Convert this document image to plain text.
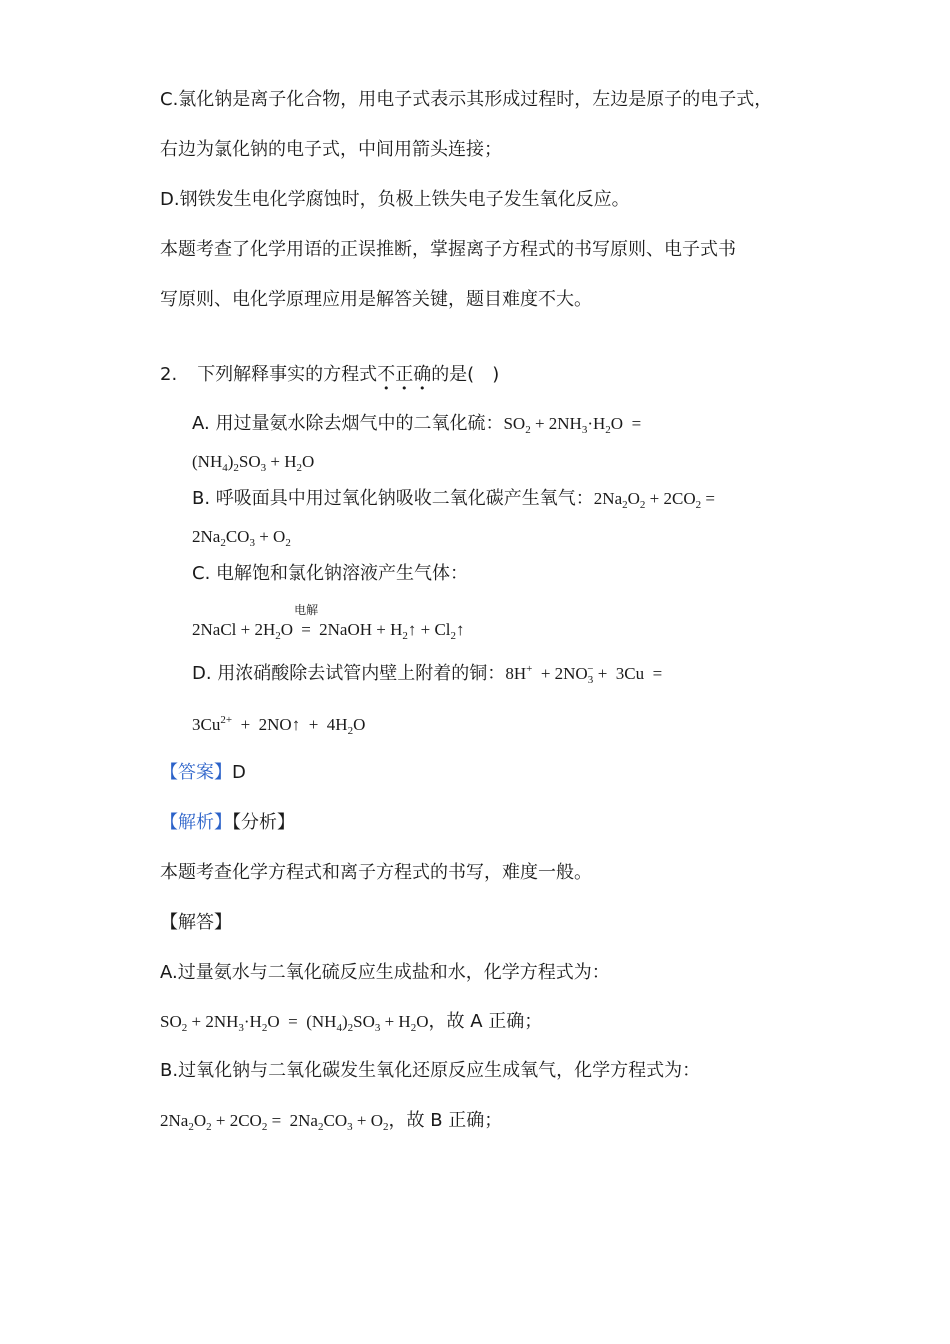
C.氯化钠是离子化合物，用电子式表示其形成过程时，左边是原子的电子式，
右边为氯化钠的电子式，中间用箭头连接；
D.钢铁发生电化学腐蚀时，负极上铁失电子发生氧化反应。
本题考查了化学用语的正误推断，掌握离子方程式的书写原则、电子式书
写原则、电化学原理应用是解答关键，题目难度不大。
2. 下列解释事实的方程式不正确的是( )
A. 用过量氨水除去烟气中的二氧化硫：$SO_2 + 2NH_3\cdot H_2O$  =
$(NH_4)_2SO_3 + H_2O$
B. 呼吸面具中用过氧化钠吸收二氧化碳产生氧气：$2Na_2O_2 + 2CO_2$ =
$2Na_2CO_3 + O_2$
C. 电解饱和氯化钠溶液产生气体：
2NaCl + $2H_2O$
电解
= 2NaOH + $H_2↑$ + $Cl_2↑$
D. 用浓硝酸除去试管内壁上附着的铜：$8H^+ + 2NO_3^- + 3Cu$  =
$3Cu^{2+}$  +  2NO↑  +  $4H_2O$
【答案】D
【解析】【分析】
本题考查化学方程式和离子方程式的书写，难度一般。
【解答】
A.过量氨水与二氧化硫反应生成盐和水，化学方程式为：
$SO_2 + 2NH_3\cdot H_2O = (NH_4)_2SO_3 + H_2O$，故 A 正确；
B.过氧化钠与二氧化碳发生氧化还原反应生成氧气，化学方程式为：
$2Na_2O_2 + 2CO_2 = 2Na_2CO_3 + O_2$，故 B 正确；
